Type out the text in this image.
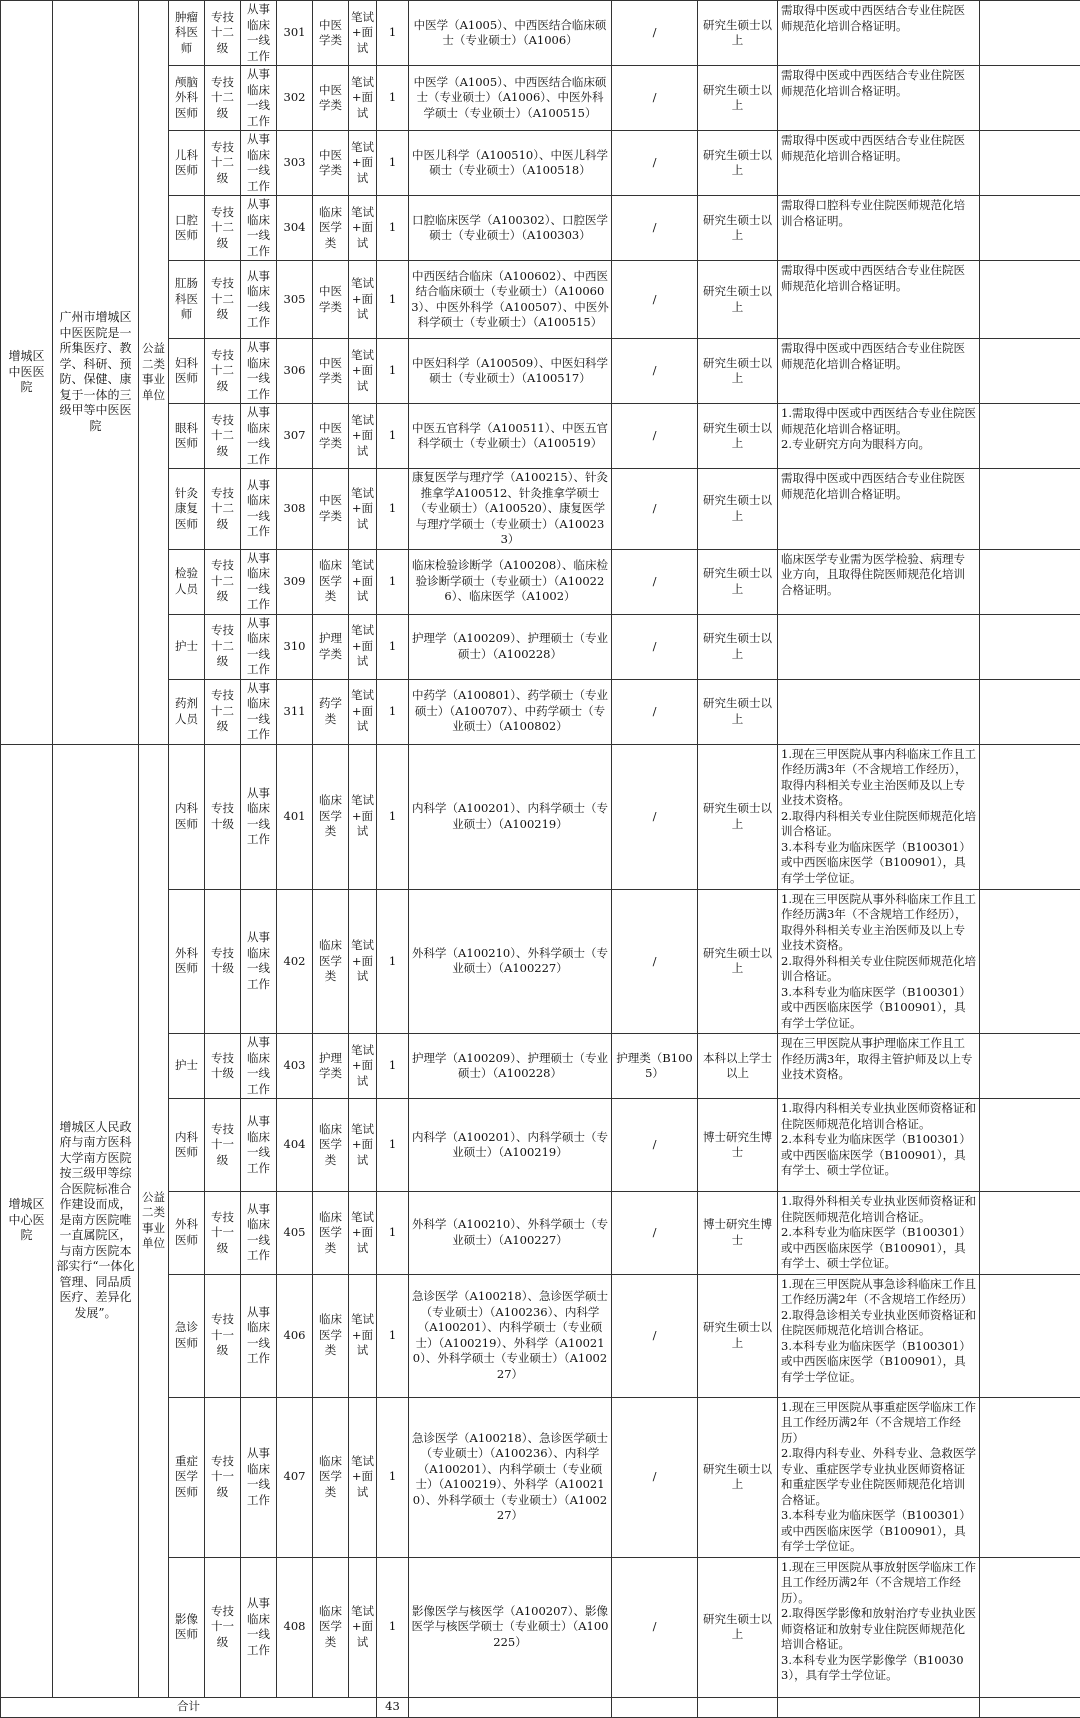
增城区中医医院	广州市增城区中医医院是一所集医疗、教学、科研、预防、保健、康复于一体的三级甲等中医医院	公益二类事业单位	肿瘤科医师	专技十二级	从事临床一线工作	301	中医学类	笔试+面试	1	中医学（A1005）、中西医结合临床硕士（专业硕士）（A1006）	/	研究生硕士以上	需取得中医或中西医结合专业住院医师规范化培训合格证明。	
			颅脑外科医师	专技十二级	从事临床一线工作	302	中医学类	笔试+面试	1	中医学（A1005）、中西医结合临床硕士（专业硕士）（A1006）、中医外科学硕士（专业硕士）（A100515）	/	研究生硕士以上	需取得中医或中西医结合专业住院医师规范化培训合格证明。	
			儿科医师	专技十二级	从事临床一线工作	303	中医学类	笔试+面试	1	中医儿科学（A100510）、中医儿科学硕士（专业硕士）（A100518）	/	研究生硕士以上	需取得中医或中西医结合专业住院医师规范化培训合格证明。	
			口腔医师	专技十二级	从事临床一线工作	304	临床医学类	笔试+面试	1	口腔临床医学（A100302）、口腔医学硕士（专业硕士）（A100303）	/	研究生硕士以上	需取得口腔科专业住院医师规范化培训合格证明。	
			肛肠科医师	专技十二级	从事临床一线工作	305	中医学类	笔试+面试	1	中西医结合临床（A100602）、中西医结合临床硕士（专业硕士）（A100603）、中医外科学（A100507）、中医外科学硕士（专业硕士）（A100515）	/	研究生硕士以上	需取得中医或中西医结合专业住院医师规范化培训合格证明。	
			妇科医师	专技十二级	从事临床一线工作	306	中医学类	笔试+面试	1	中医妇科学（A100509）、中医妇科学硕士（专业硕士）（A100517）	/	研究生硕士以上	需取得中医或中西医结合专业住院医师规范化培训合格证明。	
			眼科医师	专技十二级	从事临床一线工作	307	中医学类	笔试+面试	1	中医五官科学（A100511）、中医五官科学硕士（专业硕士）（A100519）	/	研究生硕士以上	1.需取得中医或中西医结合专业住院医师规范化培训合格证明。
2.专业研究方向为眼科方向。	
			针灸康复医师	专技十二级	从事临床一线工作	308	中医学类	笔试+面试	1	康复医学与理疗学（A100215）、针灸推拿学A100512、针灸推拿学硕士（专业硕士）（A100520）、康复医学与理疗学硕士（专业硕士）（A100233）	/	研究生硕士以上	需取得中医或中西医结合专业住院医师规范化培训合格证明。	
			检验人员	专技十二级	从事临床一线工作	309	临床医学类	笔试+面试	1	临床检验诊断学（A100208）、临床检验诊断学硕士（专业硕士）（A100226）、临床医学（A1002）	/	研究生硕士以上	临床医学专业需为医学检验、病理专业方向，且取得住院医师规范化培训合格证明。	
			护士	专技十二级	从事临床一线工作	310	护理学类	笔试+面试	1	护理学（A100209）、护理硕士（专业硕士）（A100228）	/	研究生硕士以上		
			药剂人员	专技十二级	从事临床一线工作	311	药学类	笔试+面试	1	中药学（A100801）、药学硕士（专业硕士）（A100707）、中药学硕士（专业硕士）（A100802）	/	研究生硕士以上		
增城区中心医院	增城区人民政府与南方医科大学南方医院按三级甲等综合医院标准合作建设而成，是南方医院唯一直属院区，与南方医院本部实行“一体化管理、同品质医疗、差异化发展”。	公益二类事业单位	内科医师	专技十级	从事临床一线工作	401	临床医学类	笔试+面试	1	内科学（A100201）、内科学硕士（专业硕士）（A100219）	/	研究生硕士以上	1.现在三甲医院从事内科临床工作且工作经历满3年（不含规培工作经历），取得内科相关专业主治医师及以上专业技术资格。
2.取得内科相关专业住院医师规范化培训合格证。
3.本科专业为临床医学（B100301）或中西医临床医学（B100901），具有学士学位证。	
			外科医师	专技十级	从事临床一线工作	402	临床医学类	笔试+面试	1	外科学（A100210）、外科学硕士（专业硕士）（A100227）	/	研究生硕士以上	1.现在三甲医院从事外科临床工作且工作经历满3年（不含规培工作经历），取得外科相关专业主治医师及以上专业技术资格。
2.取得外科相关专业住院医师规范化培训合格证。
3.本科专业为临床医学（B100301）或中西医临床医学（B100901），具有学士学位证。	
			护士	专技十级	从事临床一线工作	403	护理学类	笔试+面试	1	护理学（A100209）、护理硕士（专业硕士）（A100228）	护理类（B1005）	本科以上学士以上	现在三甲医院从事护理临床工作且工作经历满3年，取得主管护师及以上专业技术资格。	
			内科医师	专技十一级	从事临床一线工作	404	临床医学类	笔试+面试	1	内科学（A100201）、内科学硕士（专业硕士）（A100219）	/	博士研究生博士	1.取得内科相关专业执业医师资格证和住院医师规范化培训合格证。
2.本科专业为临床医学（B100301）或中西医临床医学（B100901），具有学士、硕士学位证。	
			外科医师	专技十一级	从事临床一线工作	405	临床医学类	笔试+面试	1	外科学（A100210）、外科学硕士（专业硕士）（A100227）	/	博士研究生博士	1.取得外科相关专业执业医师资格证和住院医师规范化培训合格证。
2.本科专业为临床医学（B100301）或中西医临床医学（B100901），具有学士、硕士学位证。	
			急诊医师	专技十一级	从事临床一线工作	406	临床医学类	笔试+面试	1	急诊医学（A100218）、急诊医学硕士（专业硕士）（A100236）、内科学（A100201）、内科学硕士（专业硕士）（A100219）、外科学（A100210）、外科学硕士（专业硕士）（A100227）	/	研究生硕士以上	1.现在三甲医院从事急诊科临床工作且工作经历满2年（不含规培工作经历）
2.取得急诊相关专业执业医师资格证和住院医师规范化培训合格证。
3.本科专业为临床医学（B100301）或中西医临床医学（B100901），具有学士学位证。	
			重症医学医师	专技十一级	从事临床一线工作	407	临床医学类	笔试+面试	1	急诊医学（A100218）、急诊医学硕士（专业硕士）（A100236）、内科学（A100201）、内科学硕士（专业硕士）（A100219）、外科学（A100210）、外科学硕士（专业硕士）（A100227）	/	研究生硕士以上	1.现在三甲医院从事重症医学临床工作且工作经历满2年（不含规培工作经历）
2.取得内科专业、外科专业、急救医学专业、重症医学专业执业医师资格证和重症医学专业住院医师规范化培训合格证。
3.本科专业为临床医学（B100301）或中西医临床医学（B100901），具有学士学位证。	
			影像医师	专技十一级	从事临床一线工作	408	临床医学类	笔试+面试	1	影像医学与核医学（A100207）、影像医学与核医学硕士（专业硕士）（A100225）	/	研究生硕士以上	1.现在三甲医院从事放射医学临床工作且工作经历满2年（不含规培工作经历）。
2.取得医学影像和放射治疗专业执业医师资格证和放射专业住院医师规范化培训合格证。
3.本科专业为医学影像学（B100303），具有学士学位证。	
合计									43					
